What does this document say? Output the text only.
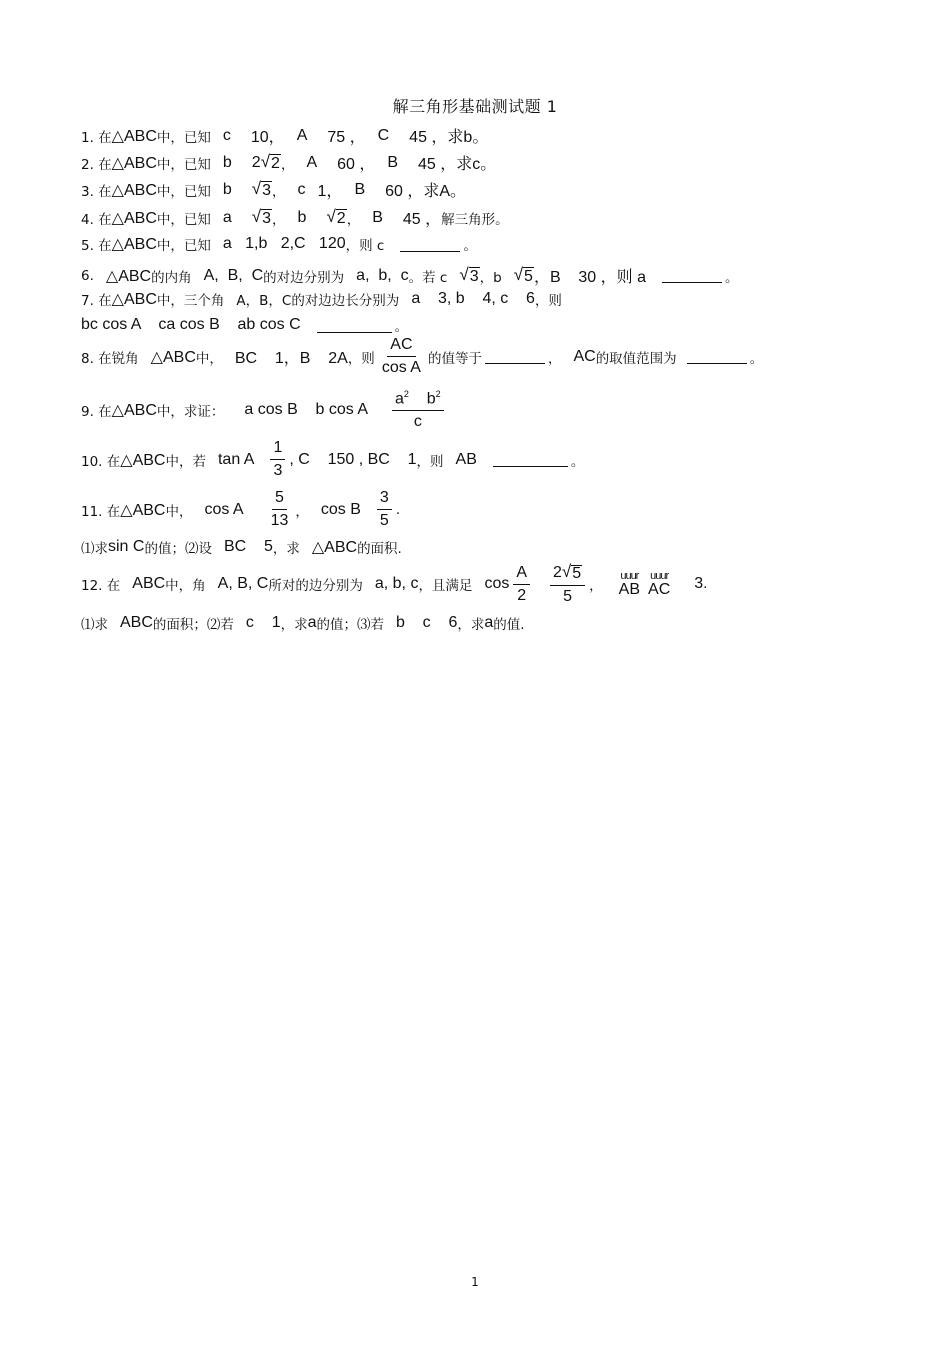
解三角形基础测试题 1
1. 在 △ABC 中，已知 c 10， A 75 ， C 45 ，求 b。
2. 在 △ABC 中，已知 b 2 √ 2 ， A 60 ， B 45 ，求 c。
3. 在 △ABC 中，已知 b √ 3 ， c 1， B 60 ，求 A。
4. 在 △ABC 中，已知 a √ 3 ， b √ 2 ， B 45 ， 解三角形。
5. 在 △ABC 中，已知 a   1,b   2,C   120 ，则 c	。
6. △ABC 的内角 A,  B,  C 的对边分别为 a,  b,  c 。若 c √ 3 ，b √ 5 ，B    30 ，则 a	。
7. 在 △ABC 中，三个角 A，B，C 的对边边长分别为 a    3, b    4, c    6 ，则
bc cos A    ca cos B    ab cos C	。
8. 在锐角 △ABC 中， BC    1，B    2A ，则 $\frac{AC}{\text{cos A}}$ 的值等于	， AC 的取值范围为	。
9. 在 △ABC 中，求证： a cos B    b cos A $\frac{a^2 b^2}{c}$
10. 在 △ABC 中，若 tan A $\frac{1}{3}$ , C    150 , BC    1 ，则 AB	。
11. 在 △ABC 中， cos A $\frac{5}{13}$ ， cos B $\frac{3}{5}$ .
⑴求 sin C 的值；⑵设 BC    5 ，求 △ABC 的面积.
12. 在 ABC 中，角 A, B, C 所对的边分别为 a, b, c ，且满足 $\cos \frac{A}{2} \frac{2 √ 5}{5}$ ，
uuur
AB
uuur
AC 3 .
⑴求 ABC 的面积；⑵若 c    1 ，求 a 的值；⑶若 b    c    6 ，求 a 的值.
1
